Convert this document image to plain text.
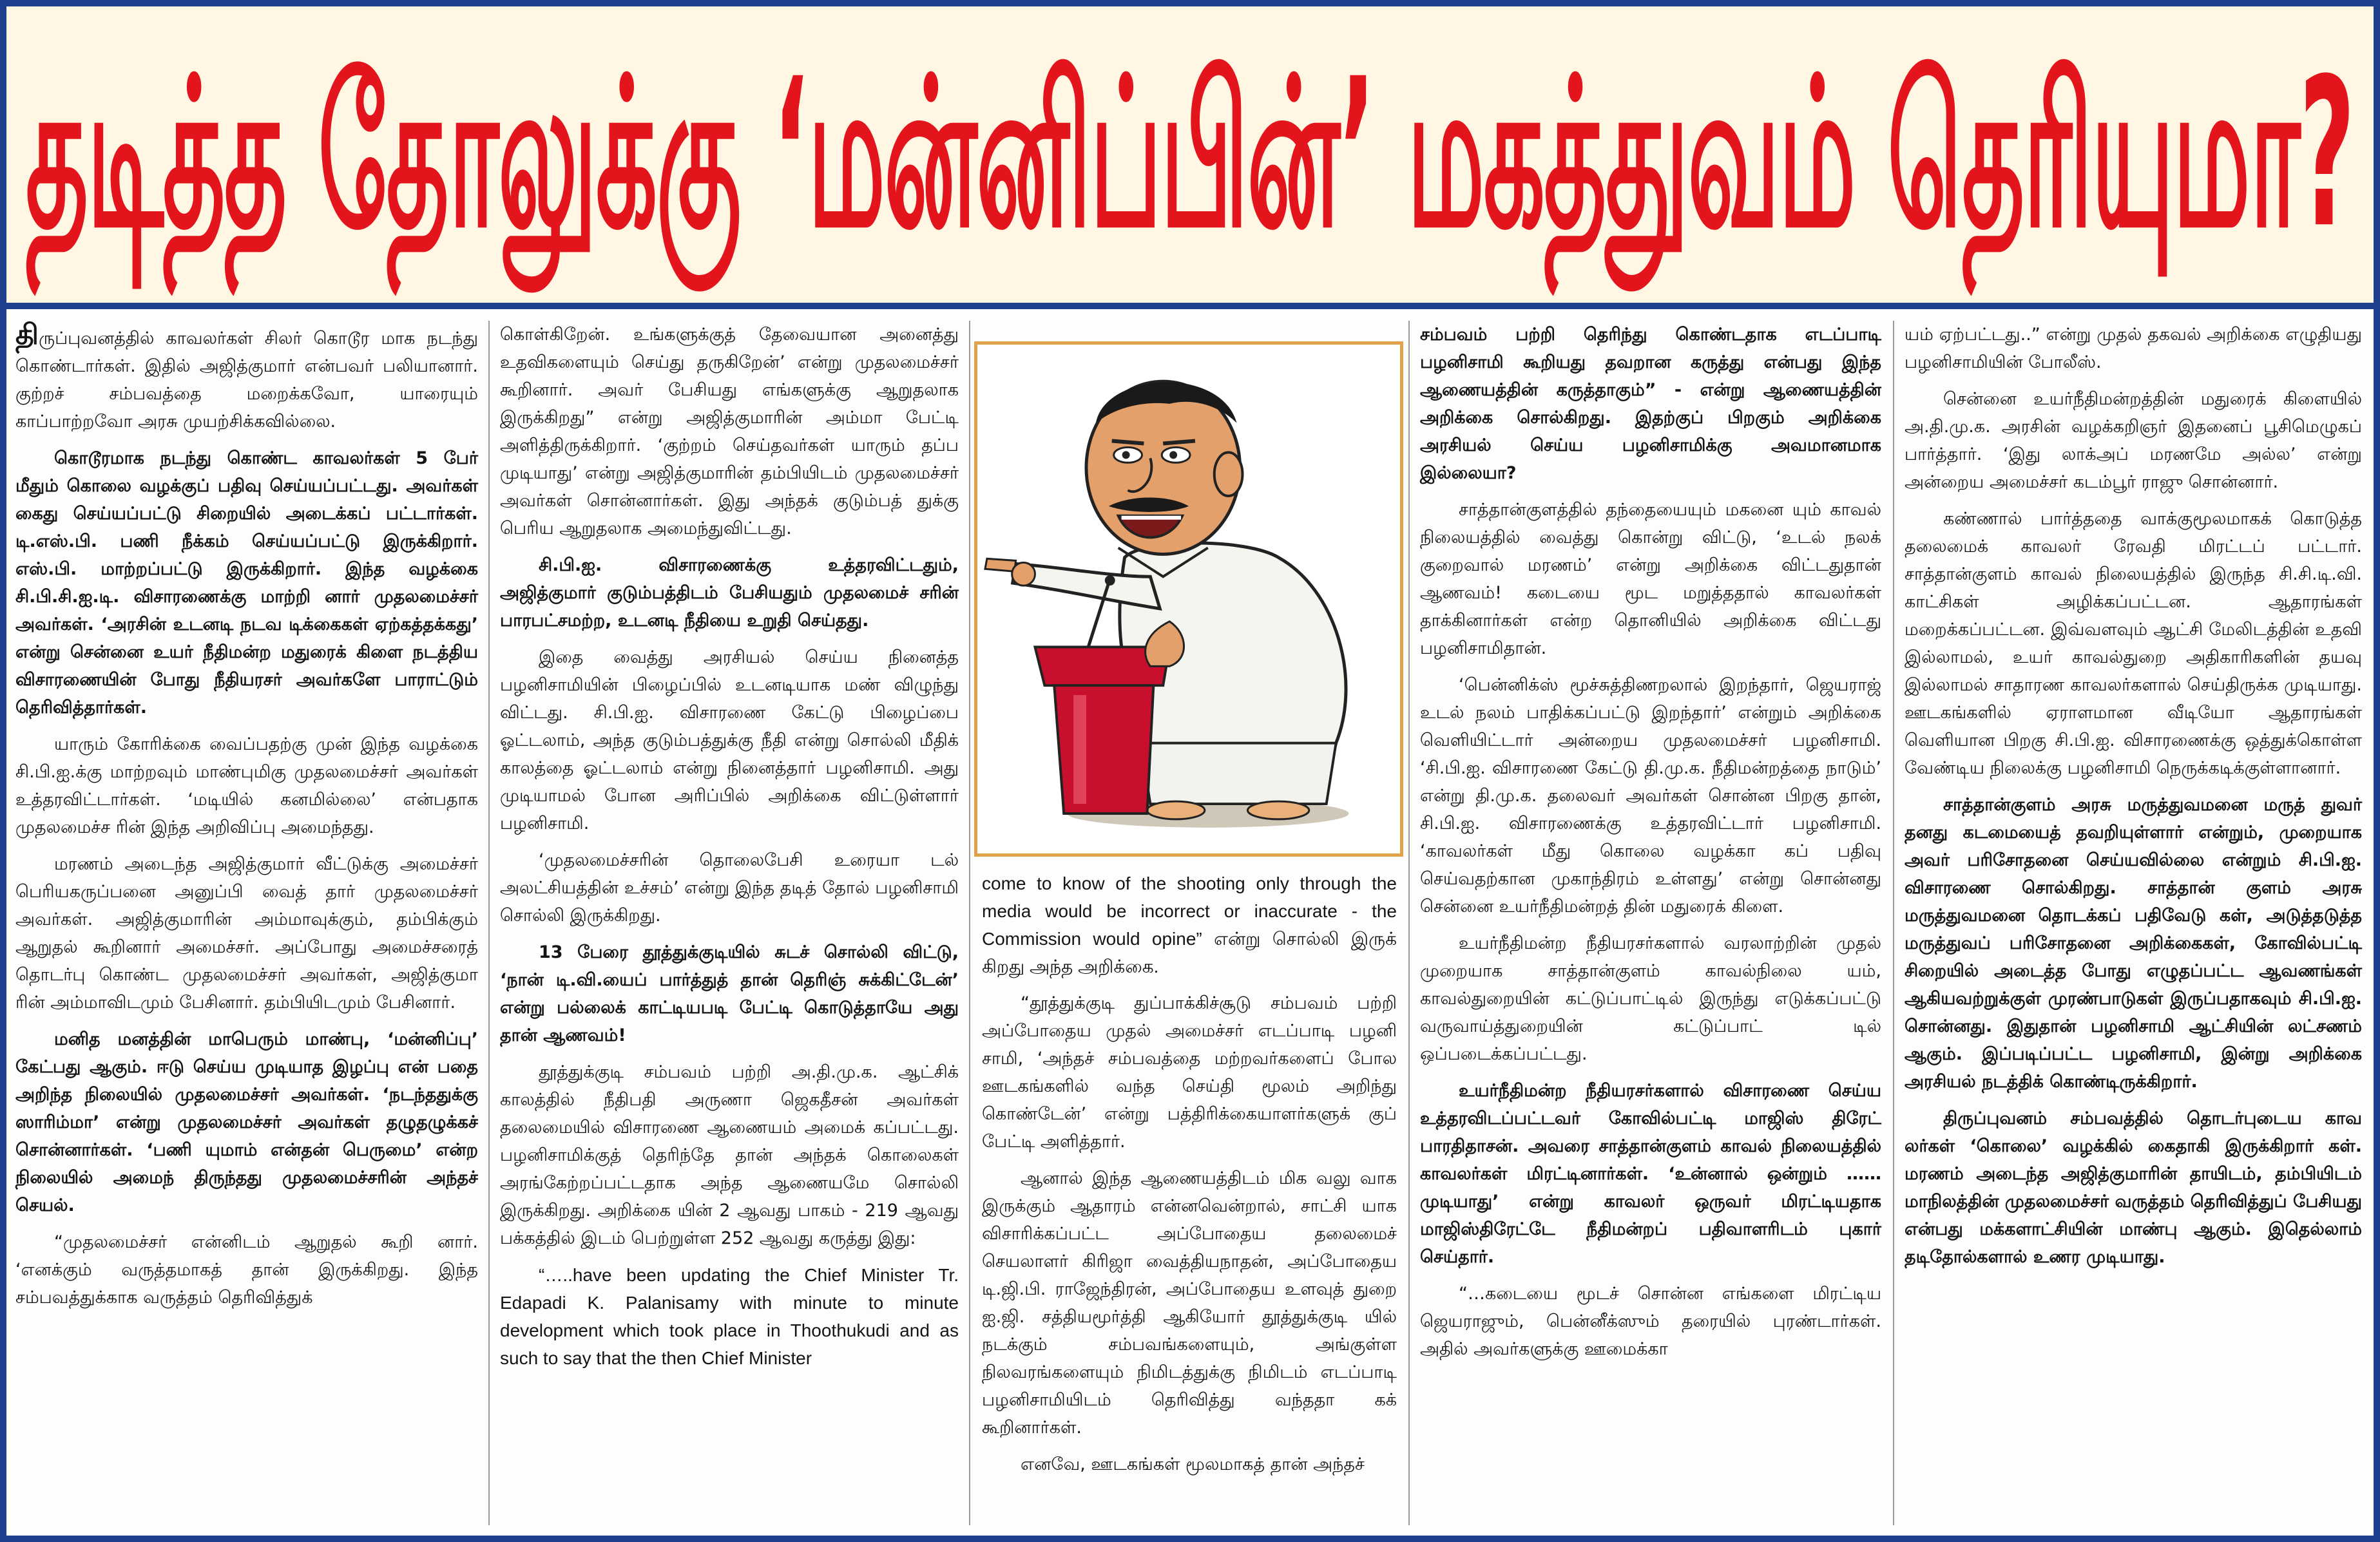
தடித்த தோலுக்கு ‘மன்னிப்பின்’ மகத்துவம் தெரியுமா?

திருப்புவனத்தில் காவலர்கள் சிலர் கொடூர மாக நடந்து கொண்டார்கள். இதில் அஜித்குமார் என்பவர் பலியானார். குற்றச் சம்பவத்தை மறைக்கவோ, யாரையும் காப்பாற்றவோ அரசு முயற்சிக்கவில்லை.

கொடூரமாக நடந்து கொண்ட காவலர்கள் 5 பேர் மீதும் கொலை வழக்குப் பதிவு செய்யப்பட்டது. அவர்கள் கைது செய்யப்பட்டு சிறையில் அடைக்கப் பட்டார்கள். டி.எஸ்.பி. பணி நீக்கம் செய்யப்பட்டு இருக்கிறார். எஸ்.பி. மாற்றப்பட்டு இருக்கிறார். இந்த வழக்கை சி.பி.சி.ஐ.டி. விசாரணைக்கு மாற்றி னார் முதலமைச்சர் அவர்கள். ‘அரசின் உடனடி நடவ டிக்கைகள் ஏற்கத்தக்கது’ என்று சென்னை உயர் நீதிமன்ற மதுரைக் கிளை நடத்திய விசாரணையின் போது நீதியரசர் அவர்களே பாராட்டும் தெரிவித்தார்கள்.

யாரும் கோரிக்கை வைப்பதற்கு முன் இந்த வழக்கை சி.பி.ஐ.க்கு மாற்றவும் மாண்புமிகு முதலமைச்சர் அவர்கள் உத்தரவிட்டார்கள். ‘மடியில் கனமில்லை’ என்பதாக முதலமைச்ச ரின் இந்த அறிவிப்பு அமைந்தது.

மரணம் அடைந்த அஜித்குமார் வீட்டுக்கு அமைச்சர் பெரியகருப்பனை அனுப்பி வைத் தார் முதலமைச்சர் அவர்கள். அஜித்குமாரின் அம்மாவுக்கும், தம்பிக்கும் ஆறுதல் கூறினார் அமைச்சர். அப்போது அமைச்சரைத் தொடர்பு கொண்ட முதலமைச்சர் அவர்கள், அஜித்குமா ரின் அம்மாவிடமும் பேசினார். தம்பியிடமும் பேசினார்.

மனித மனத்தின் மாபெரும் மாண்பு, ‘மன்னிப்பு’ கேட்பது ஆகும். ஈடு செய்ய முடியாத இழப்பு என் பதை அறிந்த நிலையில் முதலமைச்சர் அவர்கள். ‘நடந்ததுக்கு ஸாரிம்மா’ என்று முதலமைச்சர் அவர்கள் தழுதழுக்கச் சொன்னார்கள். ‘பணி யுமாம் என்தன் பெருமை’ என்ற நிலையில் அமைந் திருந்தது முதலமைச்சரின் அந்தச் செயல்.

“முதலமைச்சர் என்னிடம் ஆறுதல் கூறி னார். ‘எனக்கும் வருத்தமாகத் தான் இருக்கிறது. இந்த சம்பவத்துக்காக வருத்தம் தெரிவித்துக்

கொள்கிறேன். உங்களுக்குத் தேவையான அனைத்து உதவிகளையும் செய்து தருகிறேன்’ என்று முதலமைச்சர் கூறினார். அவர் பேசியது எங்களுக்கு ஆறுதலாக இருக்கிறது” என்று அஜித்குமாரின் அம்மா பேட்டி அளித்திருக்கிறார். ‘குற்றம் செய்தவர்கள் யாரும் தப்ப முடியாது’ என்று அஜித்குமாரின் தம்பியிடம் முதலமைச்சர் அவர்கள் சொன்னார்கள். இது அந்தக் குடும்பத் துக்கு பெரிய ஆறுதலாக அமைந்துவிட்டது.

சி.பி.ஐ. விசாரணைக்கு உத்தரவிட்டதும், அஜித்குமார் குடும்பத்திடம் பேசியதும் முதலமைச் சரின் பாரபட்சமற்ற, உடனடி நீதியை உறுதி செய்தது.

இதை வைத்து அரசியல் செய்ய நினைத்த பழனிசாமியின் பிழைப்பில் உடனடியாக மண் விழுந்து விட்டது. சி.பி.ஐ. விசாரணை கேட்டு பிழைப்பை ஓட்டலாம், அந்த குடும்பத்துக்கு நீதி என்று சொல்லி மீதிக் காலத்தை ஓட்டலாம் என்று நினைத்தார் பழனிசாமி. அது முடியாமல் போன அரிப்பில் அறிக்கை விட்டுள்ளார் பழனிசாமி.

‘முதலமைச்சரின் தொலைபேசி உரையா டல் அலட்சியத்தின் உச்சம்’ என்று இந்த தடித் தோல் பழனிசாமி சொல்லி இருக்கிறது.

13 பேரை தூத்துக்குடியில் சுடச் சொல்லி விட்டு, ‘நான் டி.வி.யைப் பார்த்துத் தான் தெரிஞ் சுக்கிட்டேன்’ என்று பல்லைக் காட்டியபடி பேட்டி கொடுத்தாயே அது தான் ஆணவம்!

தூத்துக்குடி சம்பவம் பற்றி அ.தி.மு.க. ஆட்சிக் காலத்தில் நீதிபதி அருணா ஜெகதீசன் அவர்கள் தலைமையில் விசாரணை ஆணையம் அமைக் கப்பட்டது. பழனிசாமிக்குத் தெரிந்தே தான் அந்தக் கொலைகள் அரங்கேற்றப்பட்டதாக அந்த ஆணையமே சொல்லி இருக்கிறது. அறிக்கை யின் 2 ஆவது பாகம் - 219 ஆவது பக்கத்தில் இடம் பெற்றுள்ள 252 ஆவது கருத்து இது:

“…..have been updating the Chief Minister Tr. Edapadi K. Palanisamy with minute to minute development which took place in Thoothukudi and as such to say that the then Chief Minister

come to know of the shooting only through the media would be incorrect or inaccurate - the Commission would opine” என்று சொல்லி இருக் கிறது அந்த அறிக்கை.

“தூத்துக்குடி துப்பாக்கிச்சூடு சம்பவம் பற்றி அப்போதைய முதல் அமைச்சர் எடப்பாடி பழனி சாமி, ‘அந்தச் சம்பவத்தை மற்றவர்களைப் போல ஊடகங்களில் வந்த செய்தி மூலம் அறிந்து கொண்டேன்’ என்று பத்திரிக்கையாளர்களுக் குப் பேட்டி அளித்தார்.

ஆனால் இந்த ஆணையத்திடம் மிக வலு வாக இருக்கும் ஆதாரம் என்னவென்றால், சாட்சி யாக விசாரிக்கப்பட்ட அப்போதைய தலைமைச் செயலாளர் கிரிஜா வைத்தியநாதன், அப்போதைய டி.ஜி.பி. ராஜேந்திரன், அப்போதைய உளவுத் துறை ஐ.ஜி. சத்தியமூர்த்தி ஆகியோர் தூத்துக்குடி யில் நடக்கும் சம்பவங்களையும், அங்குள்ள நிலவரங்களையும் நிமிடத்துக்கு நிமிடம் எடப்பாடி பழனிசாமியிடம் தெரிவித்து வந்ததா கக் கூறினார்கள்.

எனவே, ஊடகங்கள் மூலமாகத் தான் அந்தச்

சம்பவம் பற்றி தெரிந்து கொண்டதாக எடப்பாடி பழனிசாமி கூறியது தவறான கருத்து என்பது இந்த ஆணையத்தின் கருத்தாகும்” - என்று ஆணையத்தின் அறிக்கை சொல்கிறது. இதற்குப் பிறகும் அறிக்கை அரசியல் செய்ய பழனிசாமிக்கு அவமானமாக இல்லையா?

சாத்தான்குளத்தில் தந்தையையும் மகனை யும் காவல் நிலையத்தில் வைத்து கொன்று விட்டு, ‘உடல் நலக் குறைவால் மரணம்’ என்று அறிக்கை விட்டதுதான் ஆணவம்! கடையை மூட மறுத்ததால் காவலர்கள் தாக்கினார்கள் என்ற தொனியில் அறிக்கை விட்டது பழனிசாமிதான்.

‘பென்னிக்ஸ் மூச்சுத்திணறலால் இறந்தார், ஜெயராஜ் உடல் நலம் பாதிக்கப்பட்டு இறந்தார்’ என்றும் அறிக்கை வெளியிட்டார் அன்றைய முதலமைச்சர் பழனிசாமி. ‘சி.பி.ஐ. விசாரணை கேட்டு தி.மு.க. நீதிமன்றத்தை நாடும்’ என்று தி.மு.க. தலைவர் அவர்கள் சொன்ன பிறகு தான், சி.பி.ஐ. விசாரணைக்கு உத்தரவிட்டார் பழனிசாமி. ‘காவலர்கள் மீது கொலை வழக்கா கப் பதிவு செய்வதற்கான முகாந்திரம் உள்ளது’ என்று சொன்னது சென்னை உயர்நீதிமன்றத் தின் மதுரைக் கிளை.

உயர்நீதிமன்ற நீதியரசர்களால் வரலாற்றின் முதல் முறையாக சாத்தான்குளம் காவல்நிலை யம், காவல்துறையின் கட்டுப்பாட்டில் இருந்து எடுக்கப்பட்டு வருவாய்த்துறையின் கட்டுப்பாட் டில் ஒப்படைக்கப்பட்டது.

உயர்நீதிமன்ற நீதியரசர்களால் விசாரணை செய்ய உத்தரவிடப்பட்டவர் கோவில்பட்டி மாஜிஸ் திரேட் பாரதிதாசன். அவரை சாத்தான்குளம் காவல் நிலையத்தில் காவலர்கள் மிரட்டினார்கள். ‘உன்னால் ஒன்றும் …… முடியாது’ என்று காவலர் ஒருவர் மிரட்டியதாக மாஜிஸ்திரேட்டே நீதிமன்றப் பதிவாளரிடம் புகார் செய்தார்.

“…கடையை மூடச் சொன்ன எங்களை மிரட்டிய ஜெயராஜும், பென்னீக்ஸும் தரையில் புரண்டார்கள். அதில் அவர்களுக்கு ஊமைக்கா

யம் ஏற்பட்டது..” என்று முதல் தகவல் அறிக்கை எழுதியது பழனிசாமியின் போலீஸ்.

சென்னை உயர்நீதிமன்றத்தின் மதுரைக் கிளையில் அ.தி.மு.க. அரசின் வழக்கறிஞர் இதனைப் பூசிமெழுகப் பார்த்தார். ‘இது லாக்அப் மரணமே அல்ல’ என்று அன்றைய அமைச்சர் கடம்பூர் ராஜு சொன்னார்.

கண்ணால் பார்த்ததை வாக்குமூலமாகக் கொடுத்த தலைமைக் காவலர் ரேவதி மிரட்டப் பட்டார். சாத்தான்குளம் காவல் நிலையத்தில் இருந்த சி.சி.டி.வி. காட்சிகள் அழிக்கப்பட்டன. ஆதாரங்கள் மறைக்கப்பட்டன. இவ்வளவும் ஆட்சி மேலிடத்தின் உதவி இல்லாமல், உயர் காவல்துறை அதிகாரிகளின் தயவு இல்லாமல் சாதாரண காவலர்களால் செய்திருக்க முடியாது. ஊடகங்களில் ஏராளமான வீடியோ ஆதாரங்கள் வெளியான பிறகு சி.பி.ஐ. விசாரணைக்கு ஒத்துக்கொள்ள வேண்டிய நிலைக்கு பழனிசாமி நெருக்கடிக்குள்ளானார்.

சாத்தான்குளம் அரசு மருத்துவமனை மருத் துவர் தனது கடமையைத் தவறியுள்ளார் என்றும், முறையாக அவர் பரிசோதனை செய்யவில்லை என்றும் சி.பி.ஐ. விசாரணை சொல்கிறது. சாத்தான் குளம் அரசு மருத்துவமனை தொடக்கப் பதிவேடு கள், அடுத்தடுத்த மருத்துவப் பரிசோதனை அறிக்கைகள், கோவில்பட்டி சிறையில் அடைத்த போது எழுதப்பட்ட ஆவணங்கள் ஆகியவற்றுக்குள் முரண்பாடுகள் இருப்பதாகவும் சி.பி.ஐ. சொன்னது. இதுதான் பழனிசாமி ஆட்சியின் லட்சணம் ஆகும். இப்படிப்பட்ட பழனிசாமி, இன்று அறிக்கை அரசியல் நடத்திக் கொண்டிருக்கிறார்.

திருப்புவனம் சம்பவத்தில் தொடர்புடைய காவ லர்கள் ‘கொலை’ வழக்கில் கைதாகி இருக்கிறார் கள். மரணம் அடைந்த அஜித்குமாரின் தாயிடம், தம்பியிடம் மாநிலத்தின் முதலமைச்சர் வருத்தம் தெரிவித்துப் பேசியது என்பது மக்களாட்சியின் மாண்பு ஆகும். இதெல்லாம் தடிதோல்களால் உணர முடியாது.
